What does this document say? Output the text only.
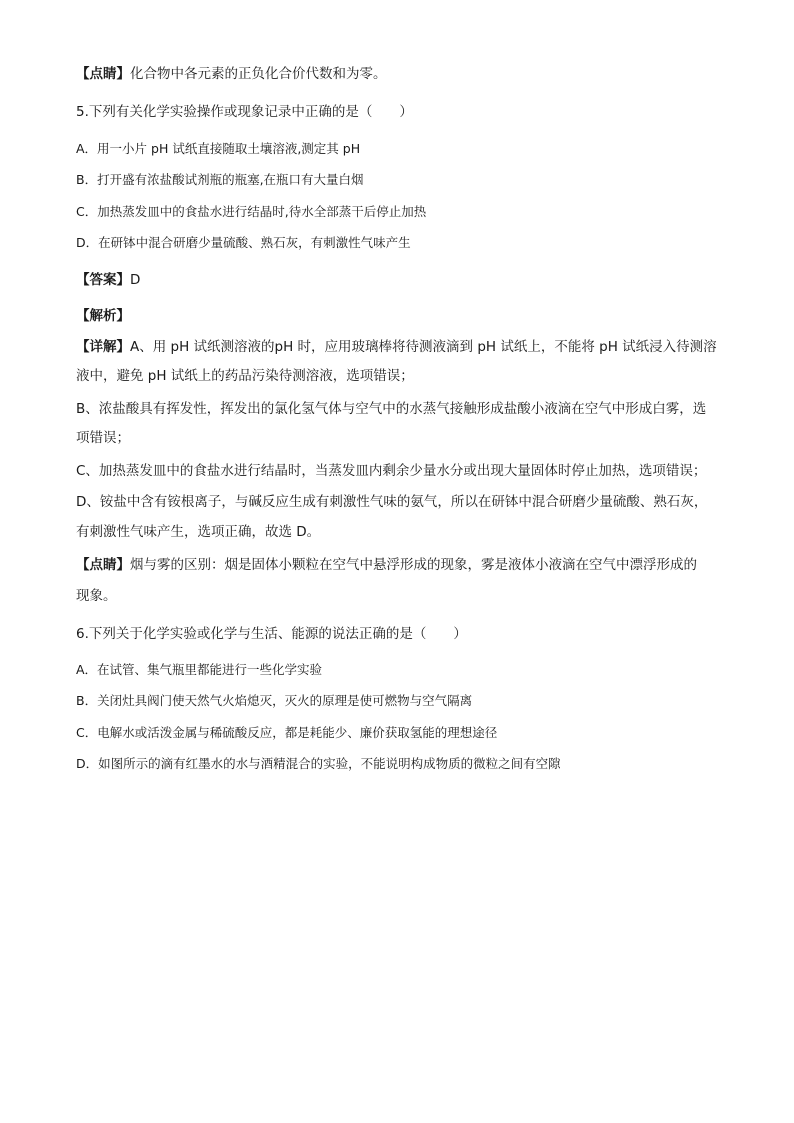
【点睛】化合物中各元素的正负化合价代数和为零。
5.下列有关化学实验操作或现象记录中正确的是（　　）
A．用一小片 pH 试纸直接随取土壤溶液,测定其 pH
B．打开盛有浓盐酸试剂瓶的瓶塞,在瓶口有大量白烟
C．加热蒸发皿中的食盐水进行结晶时,待水全部蒸干后停止加热
D．在研钵中混合研磨少量硫酸、熟石灰，有刺激性气味产生
【答案】D
【解析】
【详解】A、用 pH 试纸测溶液的pH 时，应用玻璃棒将待测液滴到 pH 试纸上，不能将 pH 试纸浸入待测溶
液中，避免 pH 试纸上的药品污染待测溶液，选项错误；
B、浓盐酸具有挥发性，挥发出的氯化氢气体与空气中的水蒸气接触形成盐酸小液滴在空气中形成白雾，选
项错误；
C、加热蒸发皿中的食盐水进行结晶时，当蒸发皿内剩余少量水分或出现大量固体时停止加热，选项错误；
D、铵盐中含有铵根离子，与碱反应生成有刺激性气味的氨气，所以在研钵中混合研磨少量硫酸、熟石灰，
有刺激性气味产生，选项正确，故选 D。
【点睛】烟与雾的区别：烟是固体小颗粒在空气中悬浮形成的现象，雾是液体小液滴在空气中漂浮形成的
现象。
6.下列关于化学实验或化学与生活、能源的说法正确的是（　　）
A．在试管、集气瓶里都能进行一些化学实验
B．关闭灶具阀门使天然气火焰熄灭，灭火的原理是使可燃物与空气隔离
C．电解水或活泼金属与稀硫酸反应，都是耗能少、廉价获取氢能的理想途径
D．如图所示的滴有红墨水的水与酒精混合的实验，不能说明构成物质的微粒之间有空隙
